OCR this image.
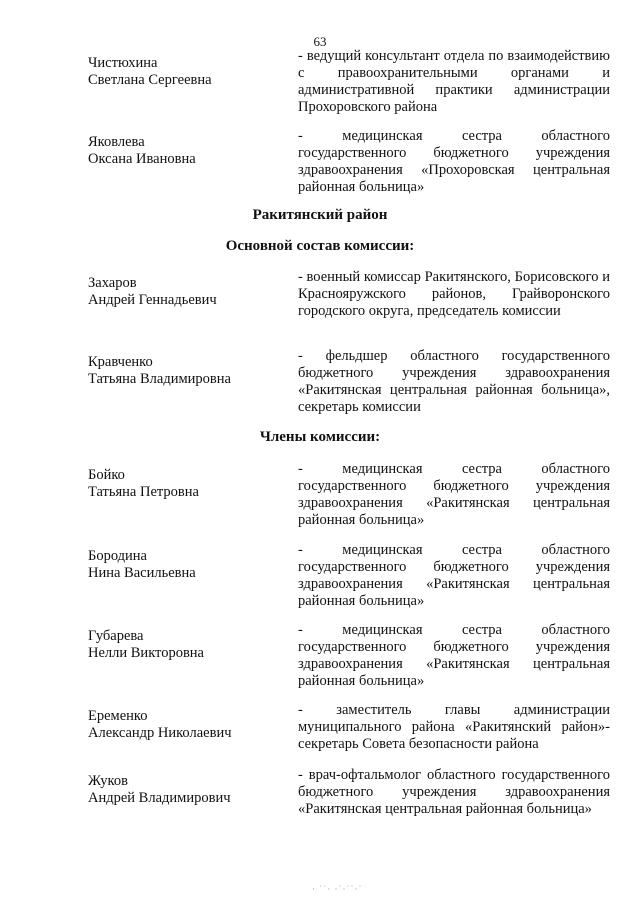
63
Чистюхина
Светлана Сергеевна
- ведущий консультант отдела по взаимодействию с правоохранительными органами и административной практики администрации Прохоровского района
Яковлева
Оксана Ивановна
- медицинская сестра областного государственного бюджетного учреждения здравоохранения «Прохоровская центральная районная больница»
Ракитянский район
Основной состав комиссии:
Захаров
Андрей Геннадьевич
- военный комиссар Ракитянского, Борисовского и Краснояружского районов, Грайворонского городского округа, председатель комиссии
Кравченко
Татьяна Владимировна
- фельдшер областного государственного бюджетного учреждения здравоохранения «Ракитянская центральная районная больница», секретарь комиссии
Члены комиссии:
Бойко
Татьяна Петровна
- медицинская сестра областного государственного бюджетного учреждения здравоохранения «Ракитянская центральная районная больница»
Бородина
Нина Васильевна
- медицинская сестра областного государственного бюджетного учреждения здравоохранения «Ракитянская центральная районная больница»
Губарева
Нелли Викторовна
- медицинская сестра областного государственного бюджетного учреждения здравоохранения «Ракитянская центральная районная больница»
Еременко
Александр Николаевич
- заместитель главы администрации муниципального района «Ракитянский район»-секретарь Совета безопасности района
Жуков
Андрей Владимирович
- врач-офтальмолог областного государственного бюджетного учреждения здравоохранения «Ракитянская центральная районная больница»
· ˙˙· ·˙·˙˙·˙
